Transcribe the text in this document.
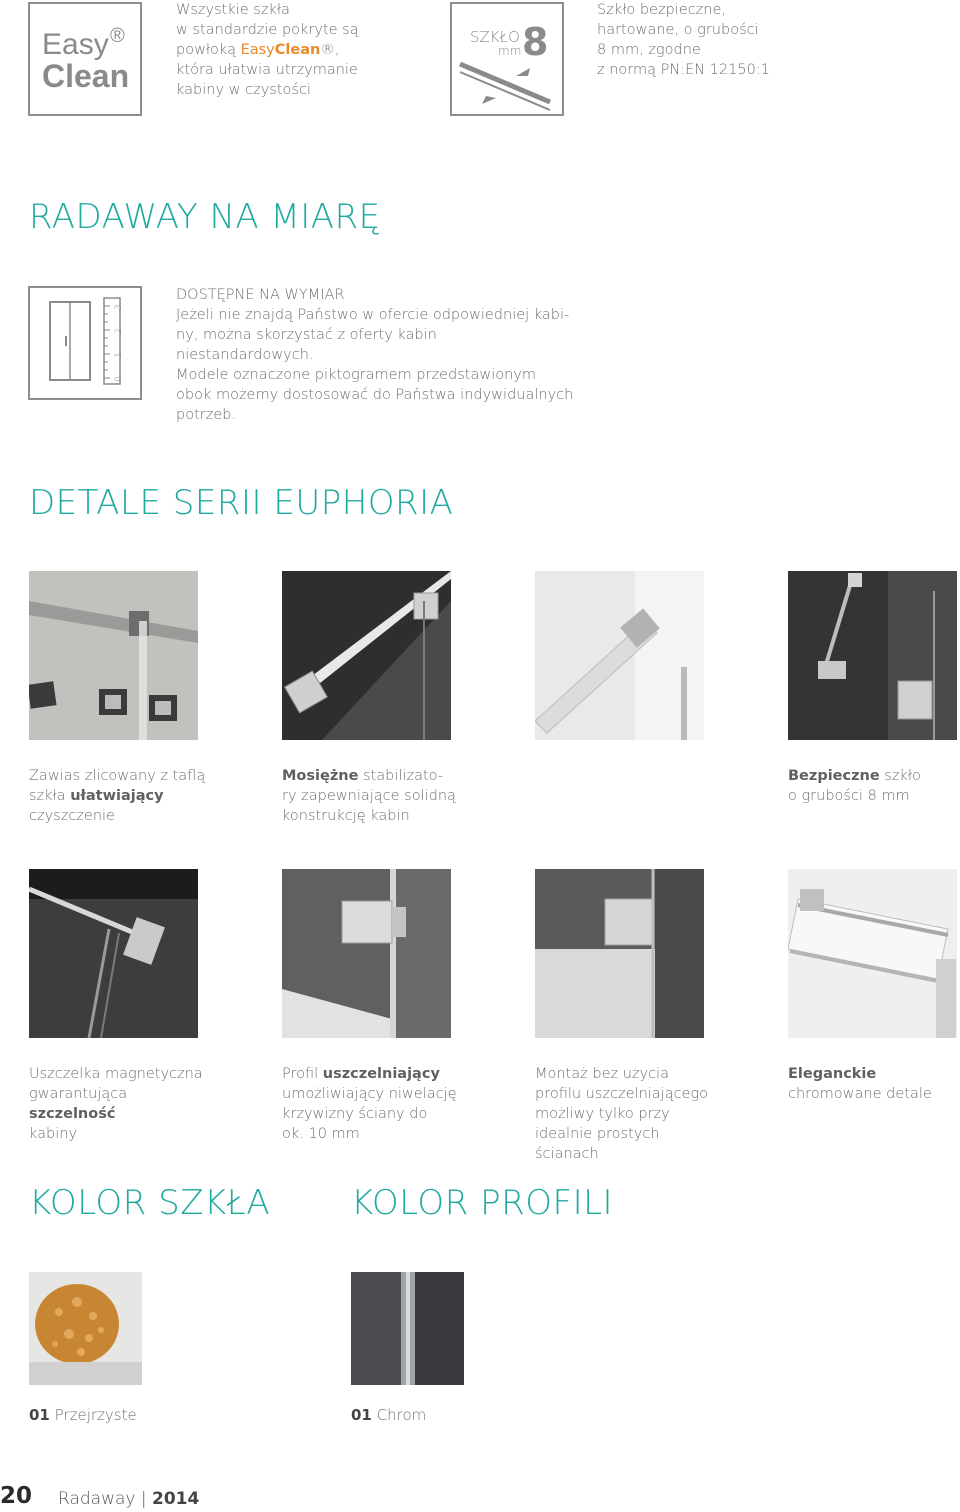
Easy ®
Clean
Wszystkie szkła
w standardzie pokryte są
powłoką EasyClean®,
która ułatwia utrzymanie
kabiny w czystości
SZKŁO
mm 8
Szkło bezpieczne,
hartowane, o grubości
8 mm, zgodne
z normą PN:EN 12150:1
RADAWAY NA MIARĘ
3
2
1
0
DOSTĘPNE NA WYMIAR
Jeżeli nie znajdą Państwo w ofercie odpowiedniej kabi-
ny, można skorzystać z oferty kabin niestandardowych.
Modele oznaczone piktogramem przedstawionym
obok możemy dostosować do Państwa indywidualnych
potrzeb.
DETALE SERII EUPHORIA
Zawias zlicowany z taflą
szkła ułatwiający
czyszczenie
Mosiężne stabilizato-
ry zapewniające solidną
konstrukcję kabin
Bezpieczne szkło
o grubości 8 mm
Uszczelka magnetyczna
gwarantująca szczelność
kabiny
Profil uszczelniający
umożliwiający niwelację
krzywizny ściany do
ok. 10 mm
Montaż bez użycia
profilu uszczelniającego
możliwy tylko przy
idealnie prostych
ścianach
Eleganckie
chromowane detale
KOLOR SZKŁA KOLOR PROFILI
01 Przejrzyste	01 Chrom
20 Radaway | 2014
